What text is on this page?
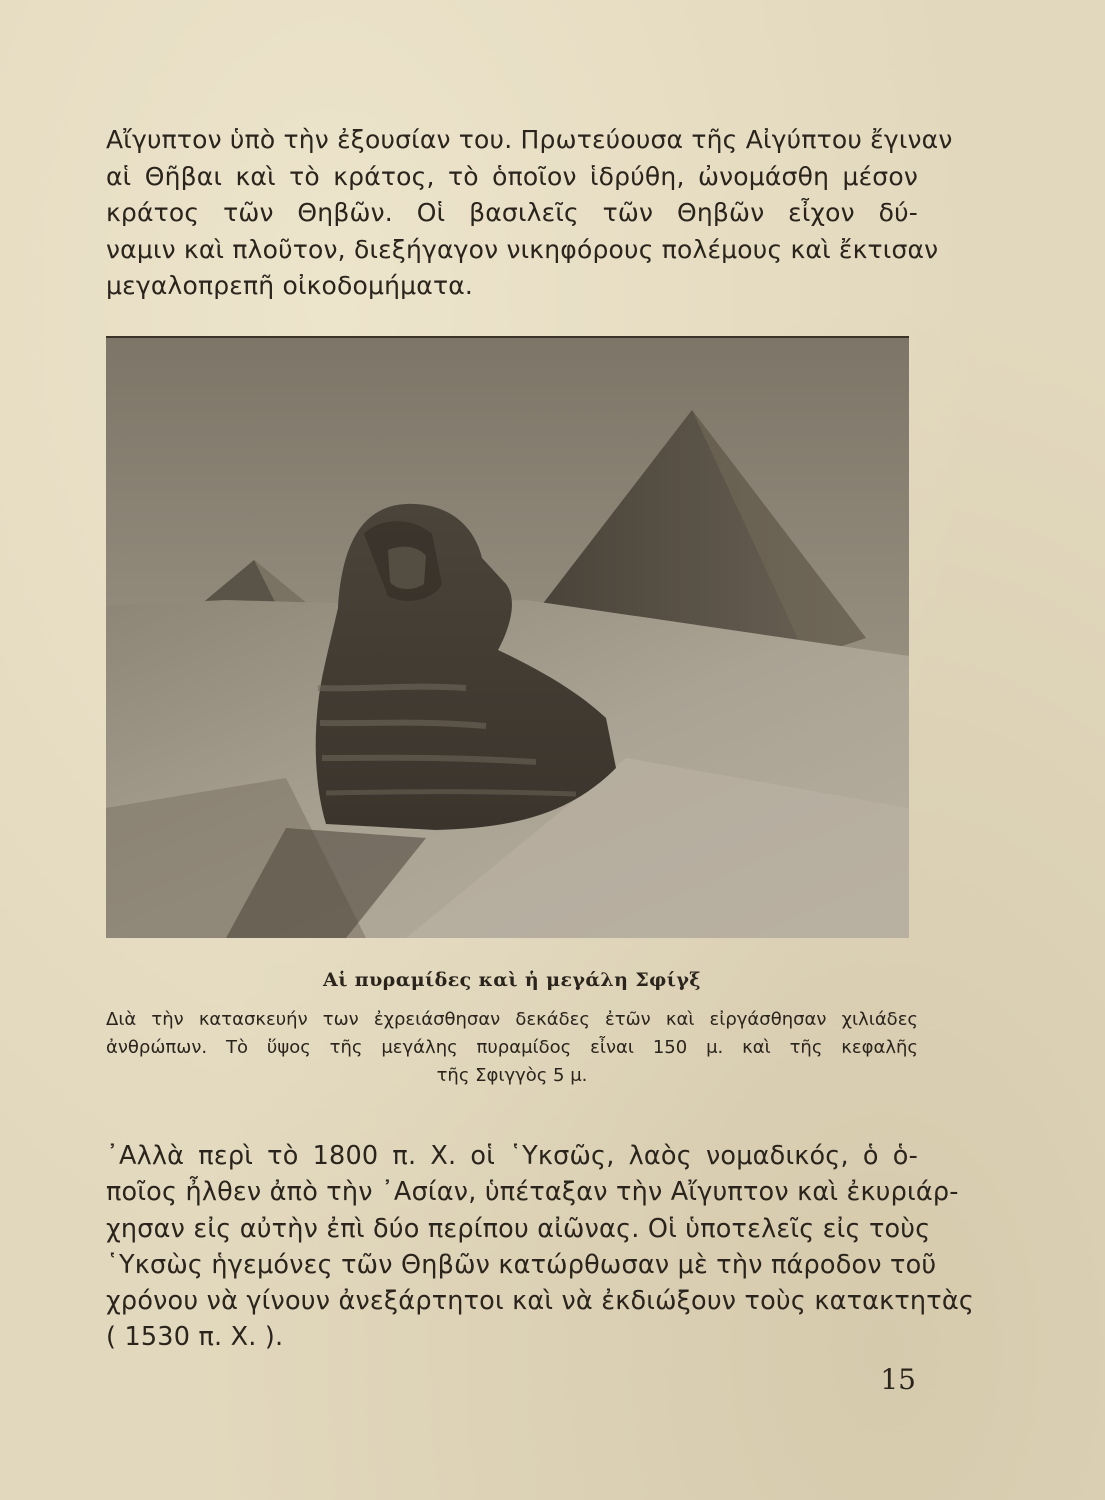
Αἴγυπτον ὑπὸ τὴν ἐξουσίαν του. Πρωτεύουσα τῆς Αἰγύπτου ἔγιναν
αἱ Θῆβαι καὶ τὸ κράτος, τὸ ὁποῖον ἱδρύθη, ὠνομάσθη μέσον
κράτος τῶν Θηβῶν. Οἱ βασιλεῖς τῶν Θηβῶν εἶχον δύ-
ναμιν καὶ πλοῦτον, διεξήγαγον νικηφόρους πολέμους καὶ ἔκτισαν
μεγαλοπρεπῆ οἰκοδομήματα.
Αἱ πυραμίδες καὶ ἡ μεγάλη Σφίγξ
Διὰ τὴν κατασκευήν των ἐχρειάσθησαν δεκάδες ἐτῶν καὶ εἰργάσθησαν χιλιάδες
ἀνθρώπων. Τὸ ὕψος τῆς μεγάλης πυραμίδος εἶναι 150 μ. καὶ τῆς κεφαλῆς
τῆς Σφιγγὸς 5 μ.
᾿Αλλὰ περὶ τὸ 1800 π. Χ. οἱ ῾Υκσῶς, λαὸς νομαδικός, ὁ ὁ-
ποῖος ἦλθεν ἀπὸ τὴν ᾿Ασίαν, ὑπέταξαν τὴν Αἴγυπτον καὶ ἐκυριάρ-
χησαν εἰς αὐτὴν ἐπὶ δύο περίπου αἰῶνας. Οἱ ὑποτελεῖς εἰς τοὺς
῾Υκσὼς ἡγεμόνες τῶν Θηβῶν κατώρθωσαν μὲ τὴν πάροδον τοῦ
χρόνου νὰ γίνουν ἀνεξάρτητοι καὶ νὰ ἐκδιώξουν τοὺς κατακτητὰς
( 1530 π. Χ. ).
15
